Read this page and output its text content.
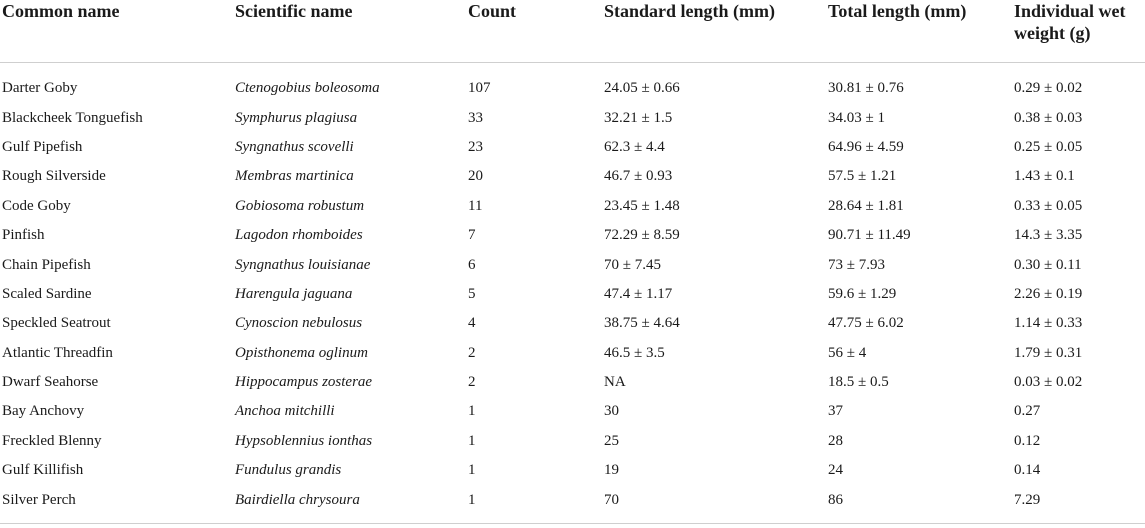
Common name	Scientific name	Count	Standard length (mm)	Total length (mm)	Individual wet weight (g)

Darter Goby	Ctenogobius boleosoma	107	24.05 ± 0.66	30.81 ± 0.76	0.29 ± 0.02
Blackcheek Tonguefish	Symphurus plagiusa	33	32.21 ± 1.5	34.03 ± 1	0.38 ± 0.03
Gulf Pipefish	Syngnathus scovelli	23	62.3 ± 4.4	64.96 ± 4.59	0.25 ± 0.05
Rough Silverside	Membras martinica	20	46.7 ± 0.93	57.5 ± 1.21	1.43 ± 0.1
Code Goby	Gobiosoma robustum	11	23.45 ± 1.48	28.64 ± 1.81	0.33 ± 0.05
Pinfish	Lagodon rhomboides	7	72.29 ± 8.59	90.71 ± 11.49	14.3 ± 3.35
Chain Pipefish	Syngnathus louisianae	6	70 ± 7.45	73 ± 7.93	0.30 ± 0.11
Scaled Sardine	Harengula jaguana	5	47.4 ± 1.17	59.6 ± 1.29	2.26 ± 0.19
Speckled Seatrout	Cynoscion nebulosus	4	38.75 ± 4.64	47.75 ± 6.02	1.14 ± 0.33
Atlantic Threadfin	Opisthonema oglinum	2	46.5 ± 3.5	56 ± 4	1.79 ± 0.31
Dwarf Seahorse	Hippocampus zosterae	2	NA	18.5 ± 0.5	0.03 ± 0.02
Bay Anchovy	Anchoa mitchilli	1	30	37	0.27
Freckled Blenny	Hypsoblennius ionthas	1	25	28	0.12
Gulf Killifish	Fundulus grandis	1	19	24	0.14
Silver Perch	Bairdiella chrysoura	1	70	86	7.29
